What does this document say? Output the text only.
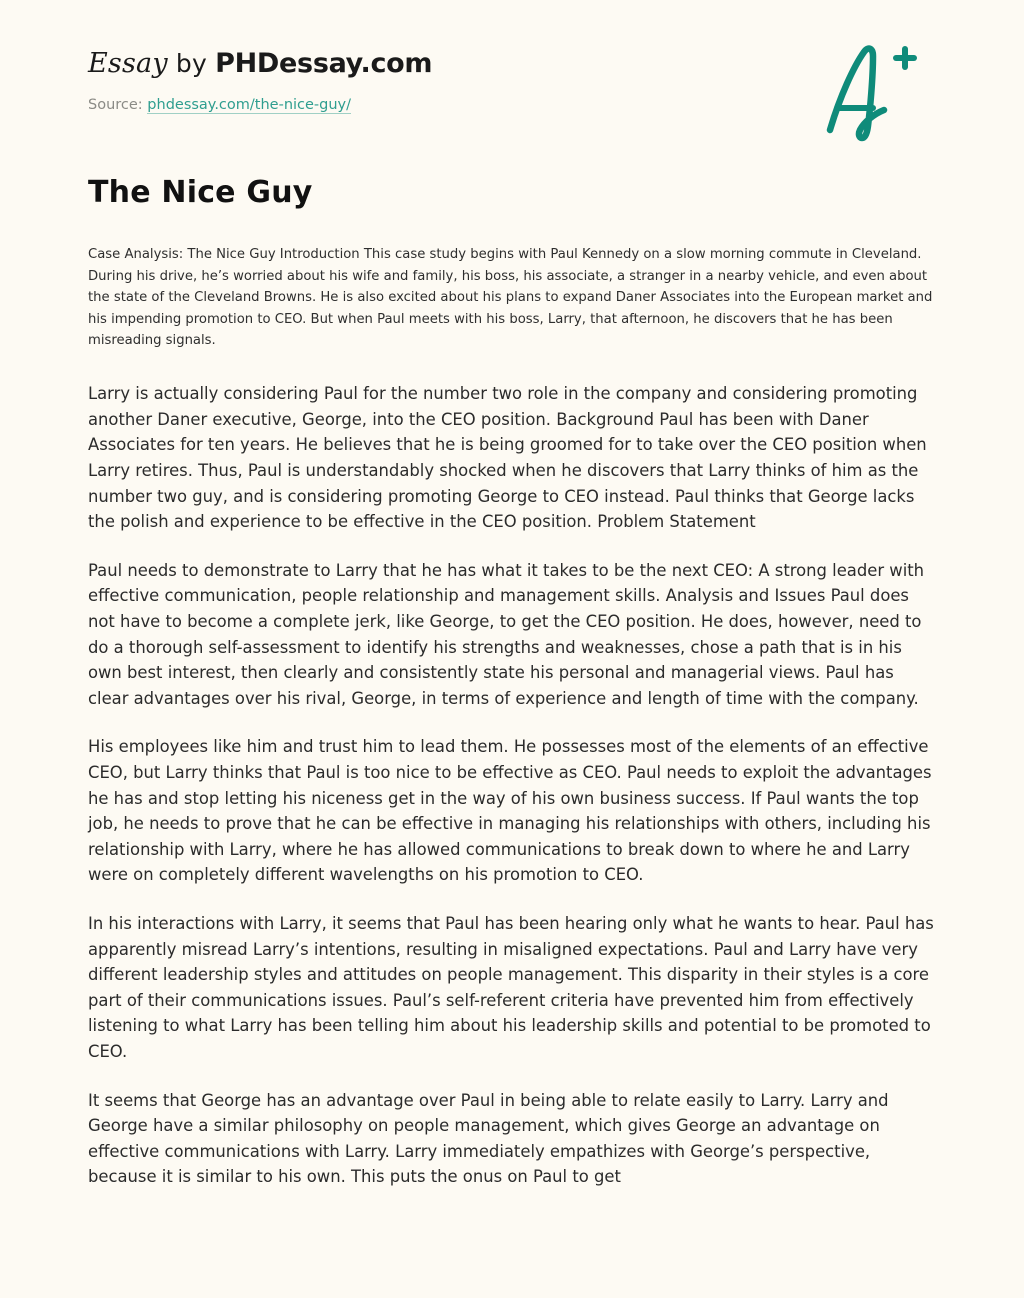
Essay by PHDessay.com
Source: phdessay.com/the-nice-guy/
The Nice Guy

Case Analysis: The Nice Guy Introduction This case study begins with Paul Kennedy on a slow morning commute in Cleveland. During his drive, he’s worried about his wife and family, his boss, his associate, a stranger in a nearby vehicle, and even about the state of the Cleveland Browns. He is also excited about his plans to expand Daner Associates into the European market and his impending promotion to CEO. But when Paul meets with his boss, Larry, that afternoon, he discovers that he has been misreading signals.

Larry is actually considering Paul for the number two role in the company and considering promoting another Daner executive, George, into the CEO position. Background Paul has been with Daner Associates for ten years. He believes that he is being groomed for to take over the CEO position when Larry retires. Thus, Paul is understandably shocked when he discovers that Larry thinks of him as the number two guy, and is considering promoting George to CEO instead. Paul thinks that George lacks the polish and experience to be effective in the CEO position. Problem Statement

Paul needs to demonstrate to Larry that he has what it takes to be the next CEO: A strong leader with effective communication, people relationship and management skills. Analysis and Issues Paul does not have to become a complete jerk, like George, to get the CEO position. He does, however, need to do a thorough self-assessment to identify his strengths and weaknesses, chose a path that is in his own best interest, then clearly and consistently state his personal and managerial views. Paul has clear advantages over his rival, George, in terms of experience and length of time with the company.

His employees like him and trust him to lead them. He possesses most of the elements of an effective CEO, but Larry thinks that Paul is too nice to be effective as CEO. Paul needs to exploit the advantages he has and stop letting his niceness get in the way of his own business success. If Paul wants the top job, he needs to prove that he can be effective in managing his relationships with others, including his relationship with Larry, where he has allowed communications to break down to where he and Larry were on completely different wavelengths on his promotion to CEO.

In his interactions with Larry, it seems that Paul has been hearing only what he wants to hear. Paul has apparently misread Larry’s intentions, resulting in misaligned expectations. Paul and Larry have very different leadership styles and attitudes on people management. This disparity in their styles is a core part of their communications issues. Paul’s self-referent criteria have prevented him from effectively listening to what Larry has been telling him about his leadership skills and potential to be promoted to CEO.

It seems that George has an advantage over Paul in being able to relate easily to Larry. Larry and George have a similar philosophy on people management, which gives George an advantage on effective communications with Larry. Larry immediately empathizes with George’s perspective, because it is similar to his own. This puts the onus on Paul to get
